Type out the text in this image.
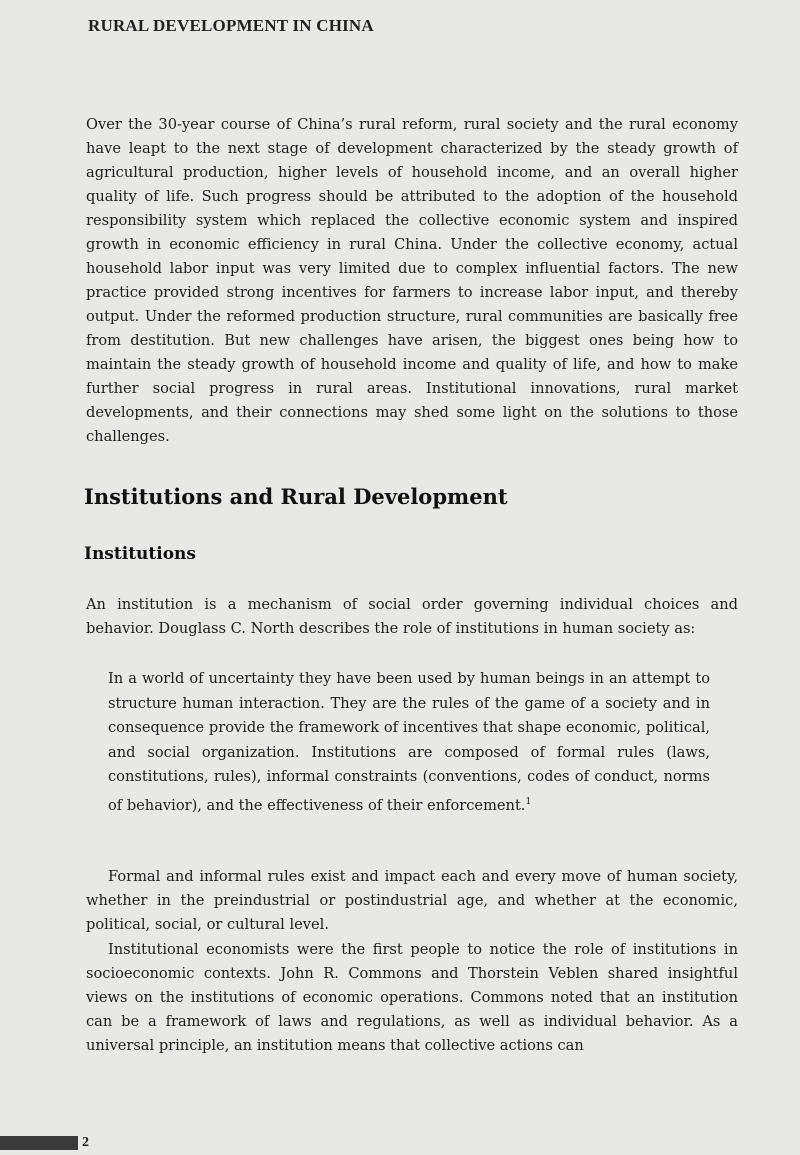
RURAL DEVELOPMENT IN CHINA

Over the 30-year course of China’s rural reform, rural society and the rural economy have leapt to the next stage of development characterized by the steady growth of agricultural production, higher levels of household income, and an overall higher quality of life. Such progress should be attributed to the adoption of the household responsibility system which replaced the collective economic system and inspired growth in economic efficiency in rural China. Under the collective economy, actual household labor input was very limited due to complex influential factors. The new practice provided strong incentives for farmers to increase labor input, and thereby output. Under the reformed production structure, rural communities are basically free from destitution. But new challenges have arisen, the biggest ones being how to maintain the steady growth of household income and quality of life, and how to make further social progress in rural areas. Institutional innovations, rural market developments, and their connections may shed some light on the solutions to those challenges.

Institutions and Rural Development
Institutions

An institution is a mechanism of social order governing individual choices and behavior. Douglass C. North describes the role of institutions in human society as:

In a world of uncertainty they have been used by human beings in an attempt to structure human interaction. They are the rules of the game of a society and in consequence provide the framework of incentives that shape economic, political, and social organization. Institutions are composed of formal rules (laws, constitutions, rules), informal constraints (conventions, codes of conduct, norms of behavior), and the effectiveness of their enforcement.$^1$

Formal and informal rules exist and impact each and every move of human society, whether in the preindustrial or postindustrial age, and whether at the economic, political, social, or cultural level.

Institutional economists were the first people to notice the role of institutions in socioeconomic contexts. John R. Commons and Thorstein Veblen shared insightful views on the institutions of economic operations. Commons noted that an institution can be a framework of laws and regulations, as well as individual behavior. As a universal principle, an institution means that collective actions can

2
